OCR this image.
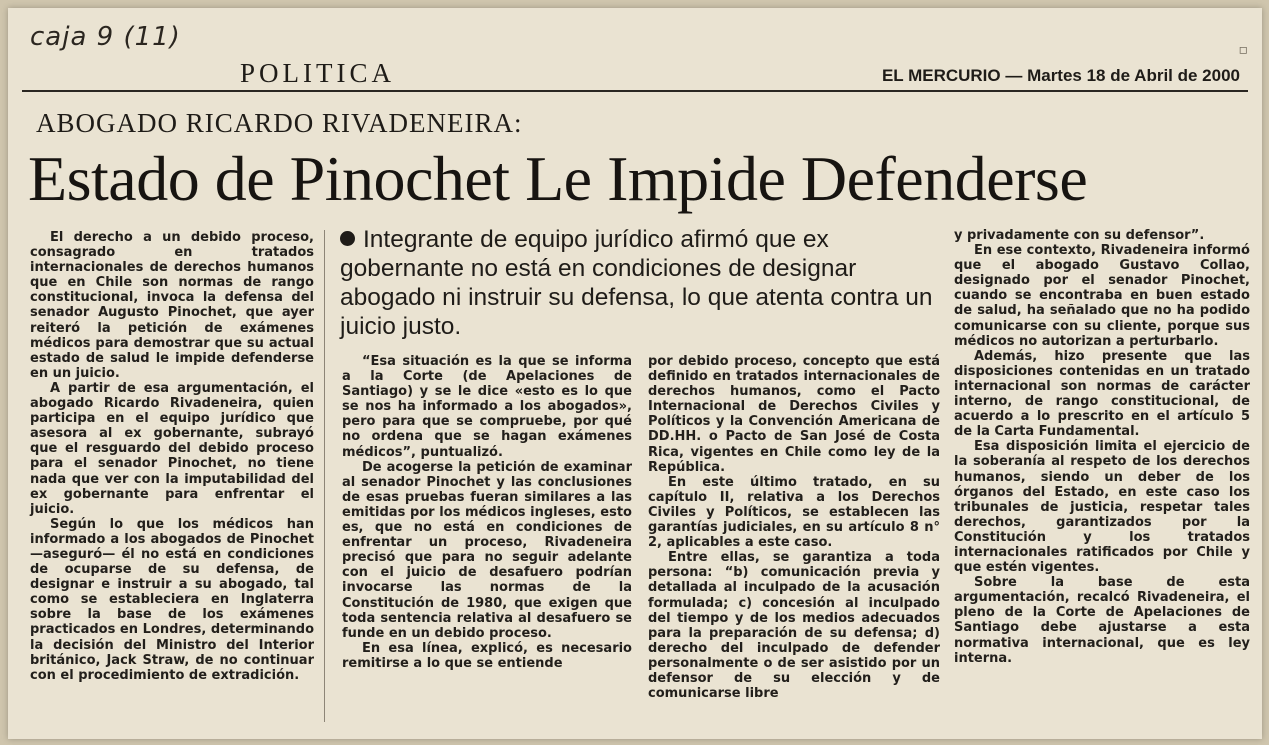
caja 9 (11)	▫
POLITICA	EL MERCURIO — Martes 18 de Abril de 2000
ABOGADO RICARDO RIVADENEIRA:
Estado de Pinochet Le Impide Defenderse
Integrante de equipo jurídico afirmó que ex gobernante no está en condiciones de designar abogado ni instruir su defensa, lo que atenta contra un juicio justo.

El derecho a un debido proceso, consagrado en tratados internacionales de derechos humanos que en Chile son normas de rango constitucional, invoca la defensa del senador Augusto Pinochet, que ayer reiteró la petición de exámenes médicos para demostrar que su actual estado de salud le impide defenderse en un juicio.

A partir de esa argumentación, el abogado Ricardo Rivadeneira, quien participa en el equipo jurídico que asesora al ex gobernante, subrayó que el resguardo del debido proceso para el senador Pinochet, no tiene nada que ver con la imputabilidad del ex gobernante para enfrentar el juicio.

Según lo que los médicos han informado a los abogados de Pinochet —aseguró— él no está en condiciones de ocuparse de su defensa, de designar e instruir a su abogado, tal como se estableciera en Inglaterra sobre la base de los exámenes practicados en Londres, determinando la decisión del Ministro del Interior británico, Jack Straw, de no continuar con el procedimiento de extradición.

“Esa situación es la que se informa a la Corte (de Apelaciones de Santiago) y se le dice «esto es lo que se nos ha informado a los abogados», pero para que se compruebe, por qué no ordena que se hagan exámenes médicos”, puntualizó.

De acogerse la petición de examinar al senador Pinochet y las conclusiones de esas pruebas fueran similares a las emitidas por los médicos ingleses, esto es, que no está en condiciones de enfrentar un proceso, Rivadeneira precisó que para no seguir adelante con el juicio de desafuero podrían invocarse las normas de la Constitución de 1980, que exigen que toda sentencia relativa al desafuero se funde en un debido proceso.

En esa línea, explicó, es necesario remitirse a lo que se entiende

por debido proceso, concepto que está definido en tratados internacionales de derechos humanos, como el Pacto Internacional de Derechos Civiles y Políticos y la Convención Americana de DD.HH. o Pacto de San José de Costa Rica, vigentes en Chile como ley de la República.

En este último tratado, en su capítulo II, relativa a los Derechos Civiles y Políticos, se establecen las garantías judiciales, en su artículo 8 n° 2, aplicables a este caso.

Entre ellas, se garantiza a toda persona: “b) comunicación previa y detallada al inculpado de la acusación formulada; c) concesión al inculpado del tiempo y de los medios adecuados para la preparación de su defensa; d) derecho del inculpado de defender personalmente o de ser asistido por un defensor de su elección y de comunicarse libre

y privadamente con su defensor”.

En ese contexto, Rivadeneira informó que el abogado Gustavo Collao, designado por el senador Pinochet, cuando se encontraba en buen estado de salud, ha señalado que no ha podido comunicarse con su cliente, porque sus médicos no autorizan a perturbarlo.

Además, hizo presente que las disposiciones contenidas en un tratado internacional son normas de carácter interno, de rango constitucional, de acuerdo a lo prescrito en el artículo 5 de la Carta Fundamental.

Esa disposición limita el ejercicio de la soberanía al respeto de los derechos humanos, siendo un deber de los órganos del Estado, en este caso los tribunales de justicia, respetar tales derechos, garantizados por la Constitución y los tratados internacionales ratificados por Chile y que estén vigentes.

Sobre la base de esta argumentación, recalcó Rivadeneira, el pleno de la Corte de Apelaciones de Santiago debe ajustarse a esta normativa internacional, que es ley interna.
